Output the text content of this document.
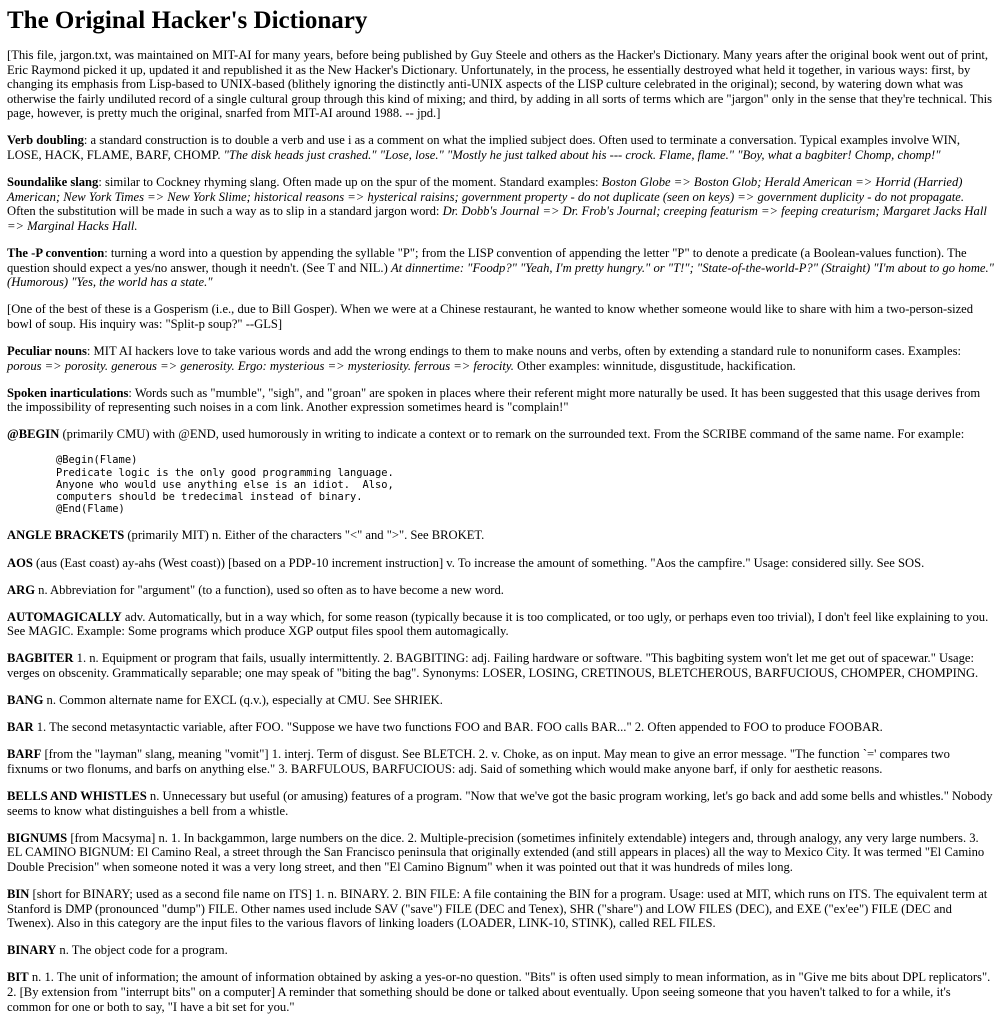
The Original Hacker's Dictionary

[This file, jargon.txt, was maintained on MIT-AI for many years, before being published by Guy Steele and others as the Hacker's Dictionary. Many years after the original book went out of print, Eric Raymond picked it up, updated it and republished it as the New Hacker's Dictionary. Unfortunately, in the process, he essentially destroyed what held it together, in various ways: first, by changing its emphasis from Lisp-based to UNIX-based (blithely ignoring the distinctly anti-UNIX aspects of the LISP culture celebrated in the original); second, by watering down what was otherwise the fairly undiluted record of a single cultural group through this kind of mixing; and third, by adding in all sorts of terms which are "jargon" only in the sense that they're technical. This page, however, is pretty much the original, snarfed from MIT-AI around 1988. -- jpd.]

Verb doubling: a standard construction is to double a verb and use i as a comment on what the implied subject does. Often used to terminate a conversation. Typical examples involve WIN, LOSE, HACK, FLAME, BARF, CHOMP. "The disk heads just crashed." "Lose, lose." "Mostly he just talked about his --- crock. Flame, flame." "Boy, what a bagbiter! Chomp, chomp!"

Soundalike slang: similar to Cockney rhyming slang. Often made up on the spur of the moment. Standard examples: Boston Globe => Boston Glob; Herald American => Horrid (Harried) American; New York Times => New York Slime; historical reasons => hysterical raisins; government property - do not duplicate (seen on keys) => government duplicity - do not propagate. Often the substitution will be made in such a way as to slip in a standard jargon word: Dr. Dobb's Journal => Dr. Frob's Journal; creeping featurism => feeping creaturism; Margaret Jacks Hall => Marginal Hacks Hall.

The -P convention: turning a word into a question by appending the syllable "P"; from the LISP convention of appending the letter "P" to denote a predicate (a Boolean-values function). The question should expect a yes/no answer, though it needn't. (See T and NIL.) At dinnertime: "Foodp?" "Yeah, I'm pretty hungry." or "T!"; "State-of-the-world-P?" (Straight) "I'm about to go home." (Humorous) "Yes, the world has a state."

[One of the best of these is a Gosperism (i.e., due to Bill Gosper). When we were at a Chinese restaurant, he wanted to know whether someone would like to share with him a two-person-sized bowl of soup. His inquiry was: "Split-p soup?" --GLS]

Peculiar nouns: MIT AI hackers love to take various words and add the wrong endings to them to make nouns and verbs, often by extending a standard rule to nonuniform cases. Examples: porous => porosity. generous => generosity. Ergo: mysterious => mysteriosity. ferrous => ferocity. Other examples: winnitude, disgustitude, hackification.

Spoken inarticulations: Words such as "mumble", "sigh", and "groan" are spoken in places where their referent might more naturally be used. It has been suggested that this usage derives from the impossibility of representing such noises in a com link. Another expression sometimes heard is "complain!"

@BEGIN (primarily CMU) with @END, used humorously in writing to indicate a context or to remark on the surrounded text. From the SCRIBE command of the same name. For example:

@Begin(Flame)
Predicate logic is the only good programming language.
Anyone who would use anything else is an idiot.  Also,
computers should be tredecimal instead of binary.
@End(Flame)

ANGLE BRACKETS (primarily MIT) n. Either of the characters "<" and ">". See BROKET.

AOS (aus (East coast) ay-ahs (West coast)) [based on a PDP-10 increment instruction] v. To increase the amount of something. "Aos the campfire." Usage: considered silly. See SOS.

ARG n. Abbreviation for "argument" (to a function), used so often as to have become a new word.

AUTOMAGICALLY adv. Automatically, but in a way which, for some reason (typically because it is too complicated, or too ugly, or perhaps even too trivial), I don't feel like explaining to you. See MAGIC. Example: Some programs which produce XGP output files spool them automagically.

BAGBITER 1. n. Equipment or program that fails, usually intermittently. 2. BAGBITING: adj. Failing hardware or software. "This bagbiting system won't let me get out of spacewar." Usage: verges on obscenity. Grammatically separable; one may speak of "biting the bag". Synonyms: LOSER, LOSING, CRETINOUS, BLETCHEROUS, BARFUCIOUS, CHOMPER, CHOMPING.

BANG n. Common alternate name for EXCL (q.v.), especially at CMU. See SHRIEK.

BAR 1. The second metasyntactic variable, after FOO. "Suppose we have two functions FOO and BAR. FOO calls BAR..." 2. Often appended to FOO to produce FOOBAR.

BARF [from the "layman" slang, meaning "vomit"] 1. interj. Term of disgust. See BLETCH. 2. v. Choke, as on input. May mean to give an error message. "The function `=' compares two fixnums or two flonums, and barfs on anything else." 3. BARFULOUS, BARFUCIOUS: adj. Said of something which would make anyone barf, if only for aesthetic reasons.

BELLS AND WHISTLES n. Unnecessary but useful (or amusing) features of a program. "Now that we've got the basic program working, let's go back and add some bells and whistles." Nobody seems to know what distinguishes a bell from a whistle.

BIGNUMS [from Macsyma] n. 1. In backgammon, large numbers on the dice. 2. Multiple-precision (sometimes infinitely extendable) integers and, through analogy, any very large numbers. 3. EL CAMINO BIGNUM: El Camino Real, a street through the San Francisco peninsula that originally extended (and still appears in places) all the way to Mexico City. It was termed "El Camino Double Precision" when someone noted it was a very long street, and then "El Camino Bignum" when it was pointed out that it was hundreds of miles long.

BIN [short for BINARY; used as a second file name on ITS] 1. n. BINARY. 2. BIN FILE: A file containing the BIN for a program. Usage: used at MIT, which runs on ITS. The equivalent term at Stanford is DMP (pronounced "dump") FILE. Other names used include SAV ("save") FILE (DEC and Tenex), SHR ("share") and LOW FILES (DEC), and EXE ("ex'ee") FILE (DEC and Twenex). Also in this category are the input files to the various flavors of linking loaders (LOADER, LINK-10, STINK), called REL FILES.

BINARY n. The object code for a program.

BIT n. 1. The unit of information; the amount of information obtained by asking a yes-or-no question. "Bits" is often used simply to mean information, as in "Give me bits about DPL replicators". 2. [By extension from "interrupt bits" on a computer] A reminder that something should be done or talked about eventually. Upon seeing someone that you haven't talked to for a while, it's common for one or both to say, "I have a bit set for you."
